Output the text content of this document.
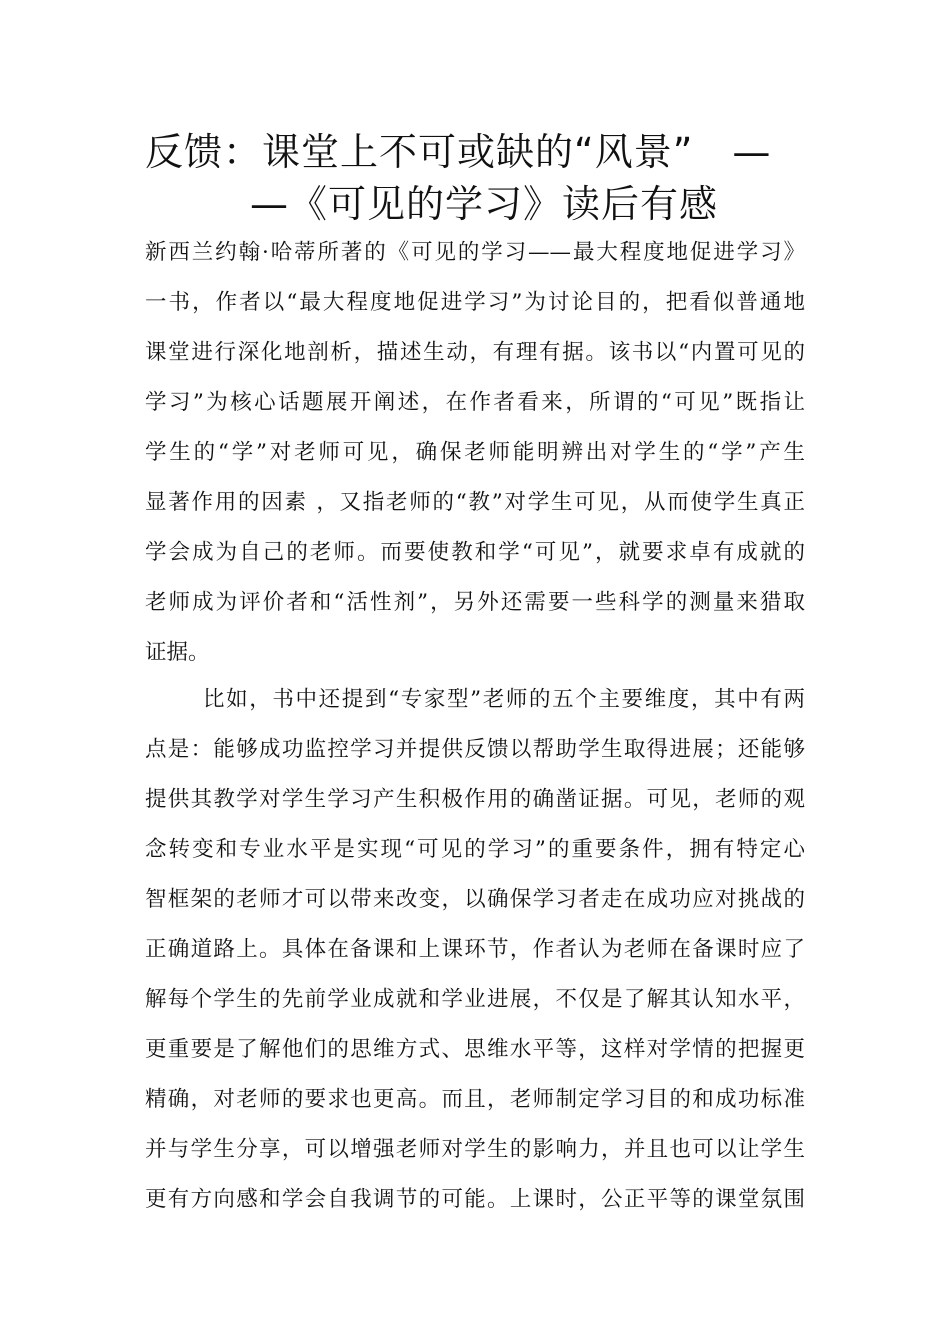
反馈：课堂上不可或缺的“风景”　—
—《可见的学习》读后有感
新西兰约翰·哈蒂所著的《可见的学习——最大程度地促进学习》
一书，作者以“最大程度地促进学习”为讨论目的，把看似普通地
课堂进行深化地剖析，描述生动，有理有据。该书以“内置可见的
学习”为核心话题展开阐述，在作者看来，所谓的“可见”既指让
学生的“学”对老师可见，确保老师能明辨出对学生的“学”产生
显著作用的因素 ，又指老师的“教”对学生可见，从而使学生真正
学会成为自己的老师。而要使教和学“可见”，就要求卓有成就的
老师成为评价者和“活性剂”，另外还需要一些科学的测量来猎取
证据。
比如，书中还提到“专家型”老师的五个主要维度，其中有两
点是：能够成功监控学习并提供反馈以帮助学生取得进展；还能够
提供其教学对学生学习产生积极作用的确凿证据。可见，老师的观
念转变和专业水平是实现“可见的学习”的重要条件，拥有特定心
智框架的老师才可以带来改变，以确保学习者走在成功应对挑战的
正确道路上。具体在备课和上课环节，作者认为老师在备课时应了
解每个学生的先前学业成就和学业进展，不仅是了解其认知水平，
更重要是了解他们的思维方式、思维水平等，这样对学情的把握更
精确，对老师的要求也更高。而且，老师制定学习目的和成功标准
并与学生分享，可以增强老师对学生的影响力，并且也可以让学生
更有方向感和学会自我调节的可能。上课时，公正平等的课堂氛围
